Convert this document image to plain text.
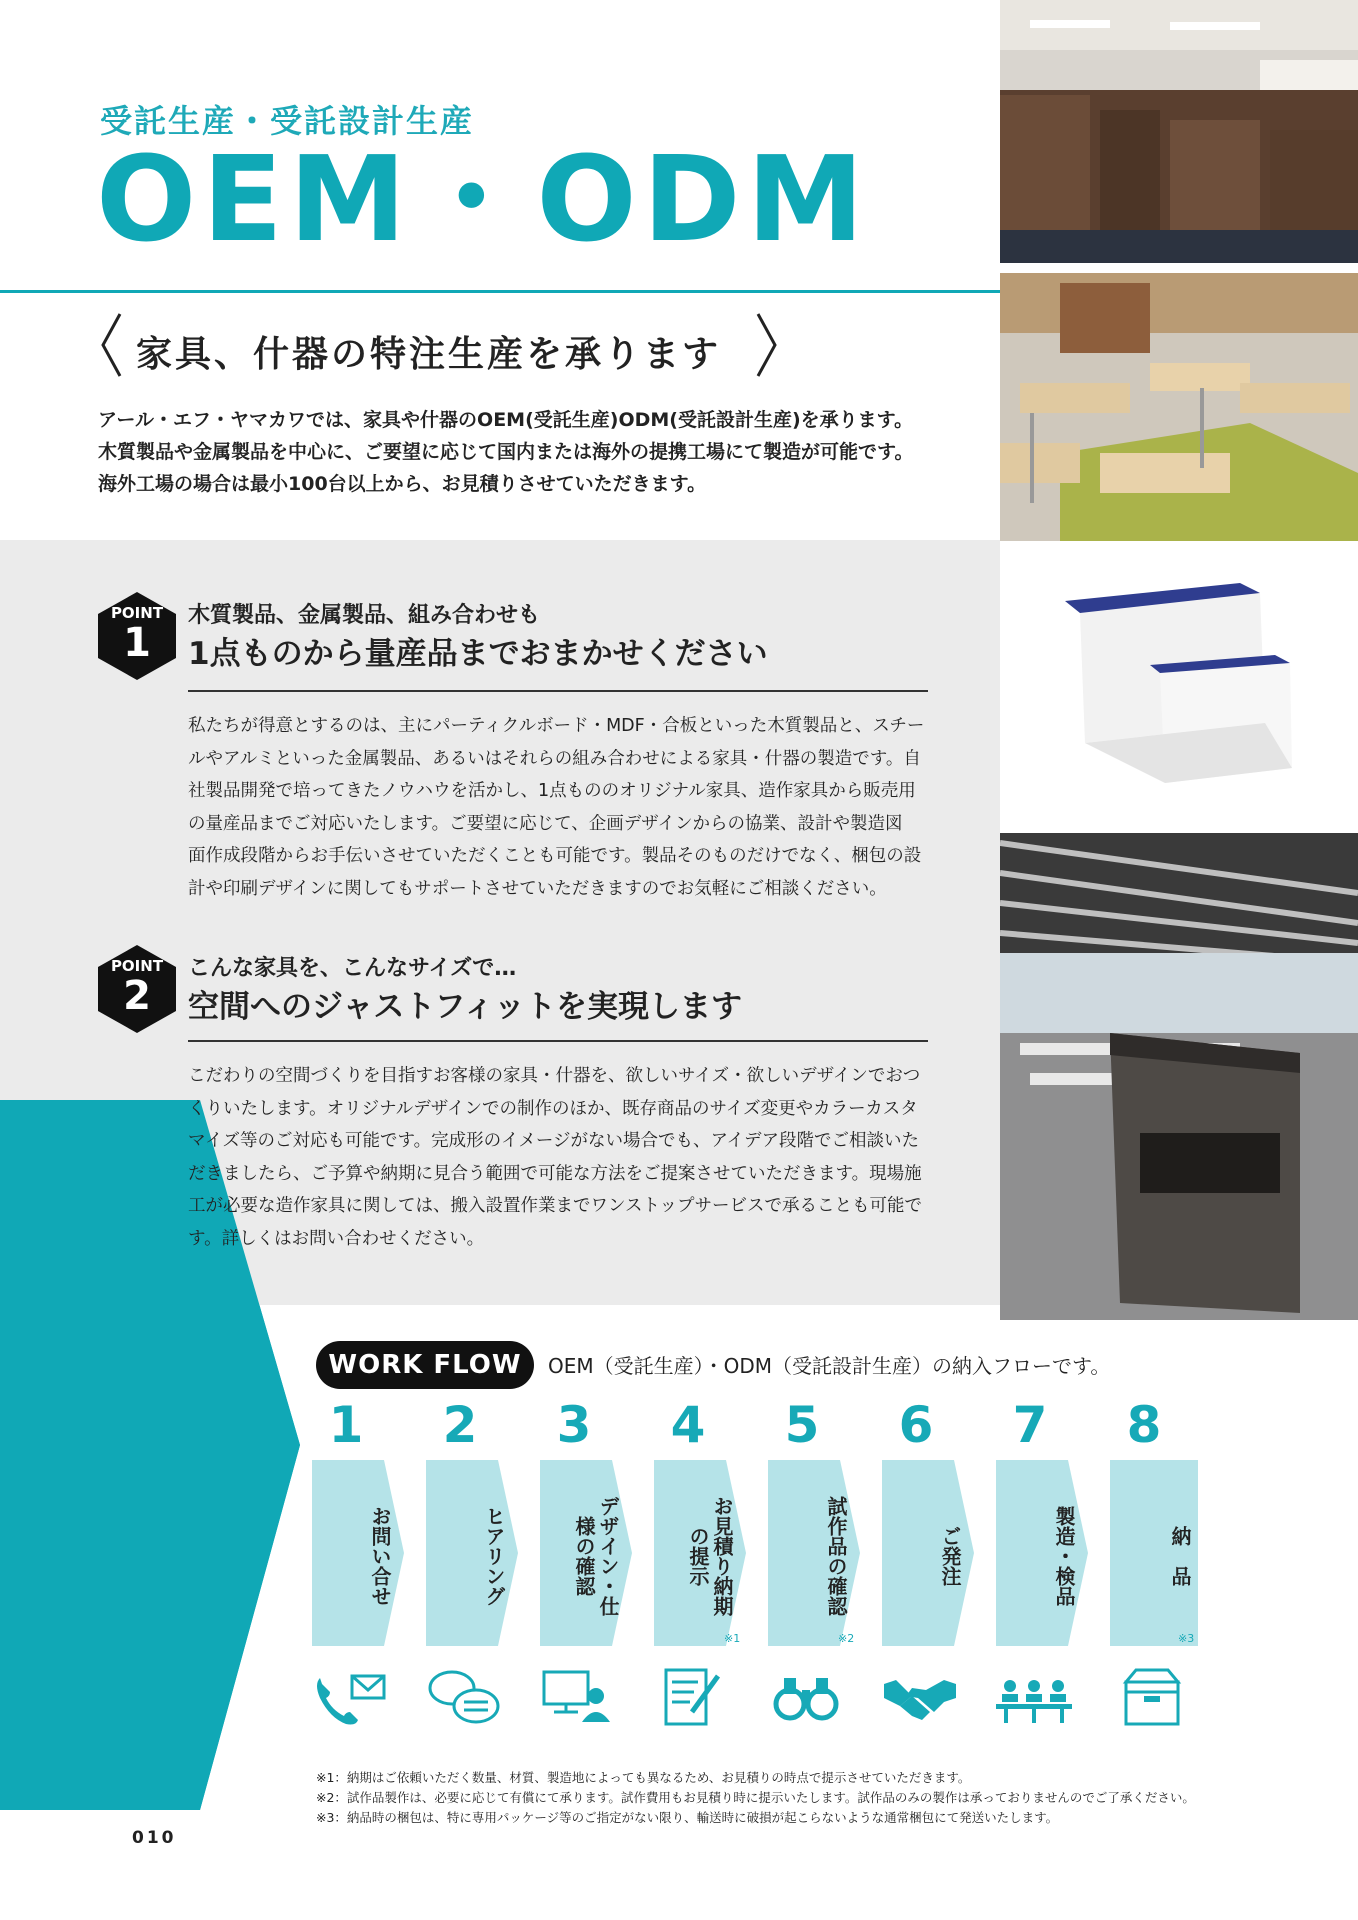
受託生産・受託設計生産
OEM・ODM
家具、什器の特注生産を承ります
アール・エフ・ヤマカワでは、家具や什器のOEM(受託生産)ODM(受託設計生産)を承ります。
木質製品や金属製品を中心に、ご要望に応じて国内または海外の提携工場にて製造が可能です。
海外工場の場合は最小100台以上から、お見積りさせていただきます。
POINT
1
木質製品、金属製品、組み合わせも
1点ものから量産品までおまかせください
私たちが得意とするのは、主にパーティクルボード・MDF・合板といった木質製品と、スチー
ルやアルミといった金属製品、あるいはそれらの組み合わせによる家具・什器の製造です。自
社製品開発で培ってきたノウハウを活かし、1点もののオリジナル家具、造作家具から販売用
の量産品までご対応いたします。ご要望に応じて、企画デザインからの協業、設計や製造図
面作成段階からお手伝いさせていただくことも可能です。製品そのものだけでなく、梱包の設
計や印刷デザインに関してもサポートさせていただきますのでお気軽にご相談ください。
POINT
2
こんな家具を、こんなサイズで…
空間へのジャストフィットを実現します
こだわりの空間づくりを目指すお客様の家具・什器を、欲しいサイズ・欲しいデザインでおつ
くりいたします。オリジナルデザインでの制作のほか、既存商品のサイズ変更やカラーカスタ
マイズ等のご対応も可能です。完成形のイメージがない場合でも、アイデア段階でご相談いた
だきましたら、ご予算や納期に見合う範囲で可能な方法をご提案させていただきます。現場施
工が必要な造作家具に関しては、搬入設置作業までワンストップサービスで承ることも可能で
す。詳しくはお問い合わせください。
WORK FLOW	OEM（受託生産）・ODM（受託設計生産）の納入フローです。
1
お問い合せ
2
ヒアリング
3
デザイン・仕様の確認
4
お見積り納期の提示
※1
5
試作品の確認
※2
6
ご発注
7
製造・検品
8
納　品
※3
※1：納期はご依頼いただく数量、材質、製造地によっても異なるため、お見積りの時点で提示させていただきます。
※2：試作品製作は、必要に応じて有償にて承ります。試作費用もお見積り時に提示いたします。試作品のみの製作は承っておりませんのでご了承ください。
※3：納品時の梱包は、特に専用パッケージ等のご指定がない限り、輸送時に破損が起こらないような通常梱包にて発送いたします。
010
